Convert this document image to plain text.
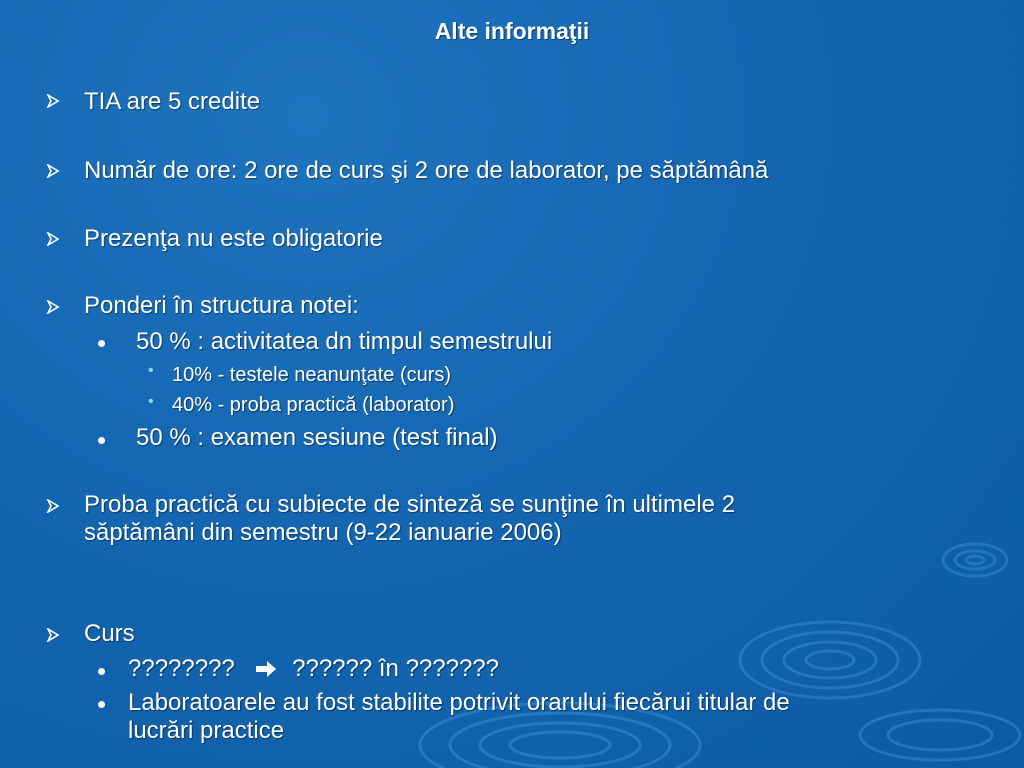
Alte informaţii
TIA are 5 credite
Număr de ore: 2 ore de curs şi 2 ore de laborator, pe săptămână
Prezenţa nu este obligatorie
Ponderi în structura notei:
50 % : activitatea dn timpul semestrului
• 10% - testele neanunţate (curs)
• 40% - proba practică (laborator)
50 % : examen sesiune (test final)
Proba practică cu subiecte de sinteză se sunţine în ultimele 2
săptămâni din semestru (9-22 ianuarie 2006)
Curs
???????? ?????? în ???????
Laboratoarele au fost stabilite potrivit orarului fiecărui titular de
lucrări practice
